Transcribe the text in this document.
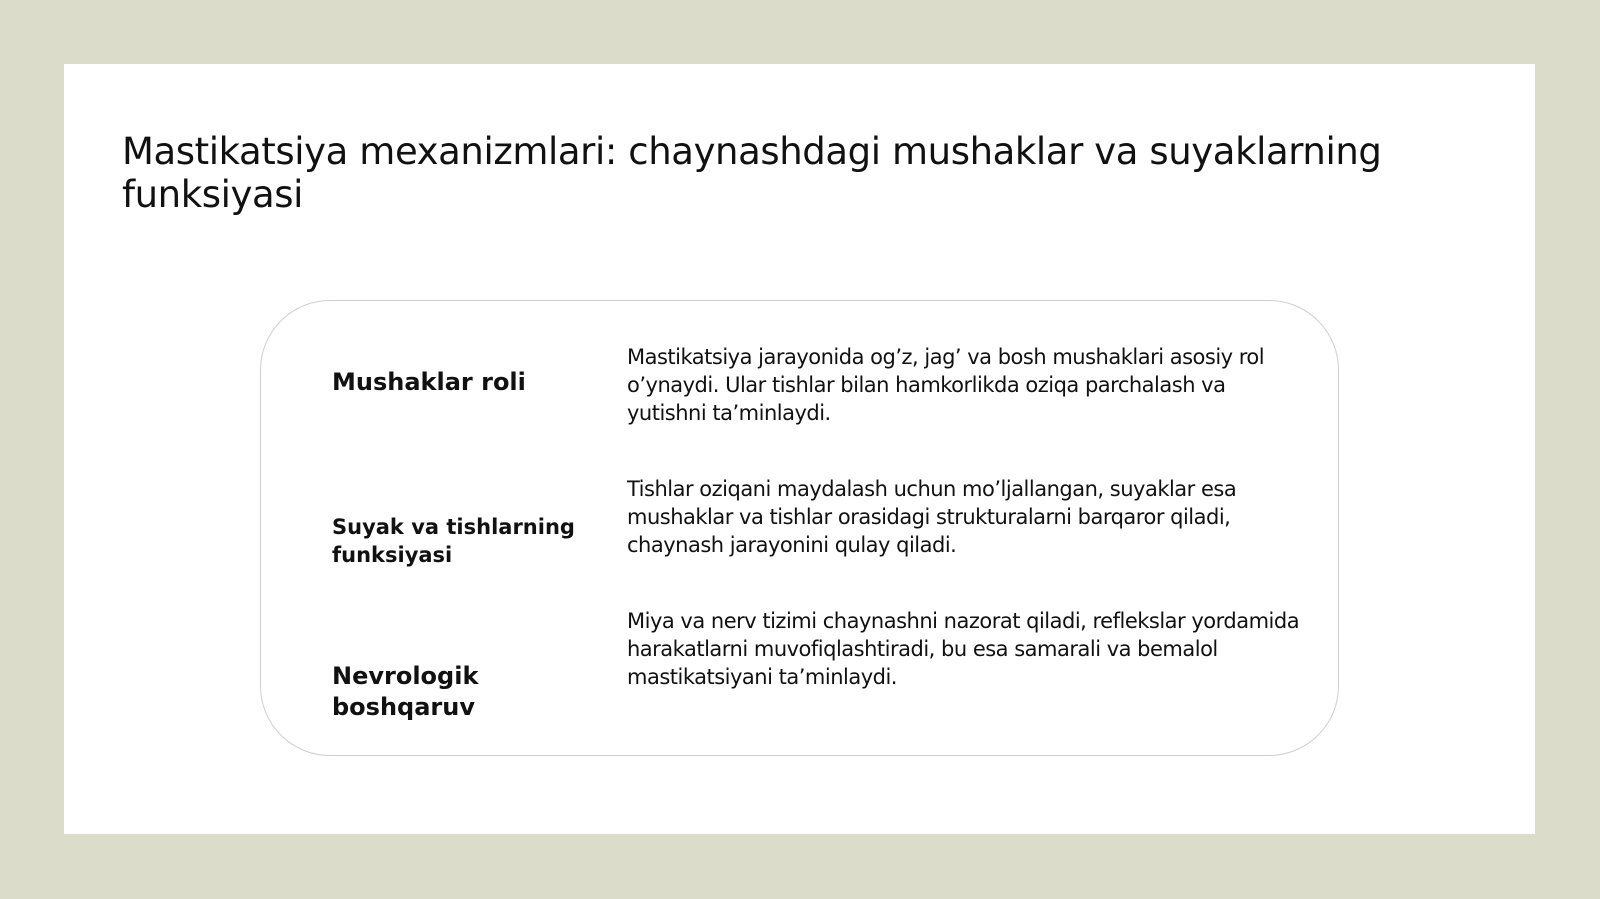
Mastikatsiya mexanizmlari: chaynashdagi mushaklar va suyaklarning funksiyasi

Mushaklar roli

Mastikatsiya jarayonida og’z, jag’ va bosh mushaklari asosiy rol o’ynaydi. Ular tishlar bilan hamkorlikda oziqa parchalash va yutishni ta’minlaydi.

Suyak va tishlarning funksiyasi

Tishlar oziqani maydalash uchun mo’ljallangan, suyaklar esa mushaklar va tishlar orasidagi strukturalarni barqaror qiladi, chaynash jarayonini qulay qiladi.

Nevrologik boshqaruv

Miya va nerv tizimi chaynashni nazorat qiladi, reflekslar yordamida harakatlarni muvofiqlashtiradi, bu esa samarali va bemalol mastikatsiyani ta’minlaydi.
